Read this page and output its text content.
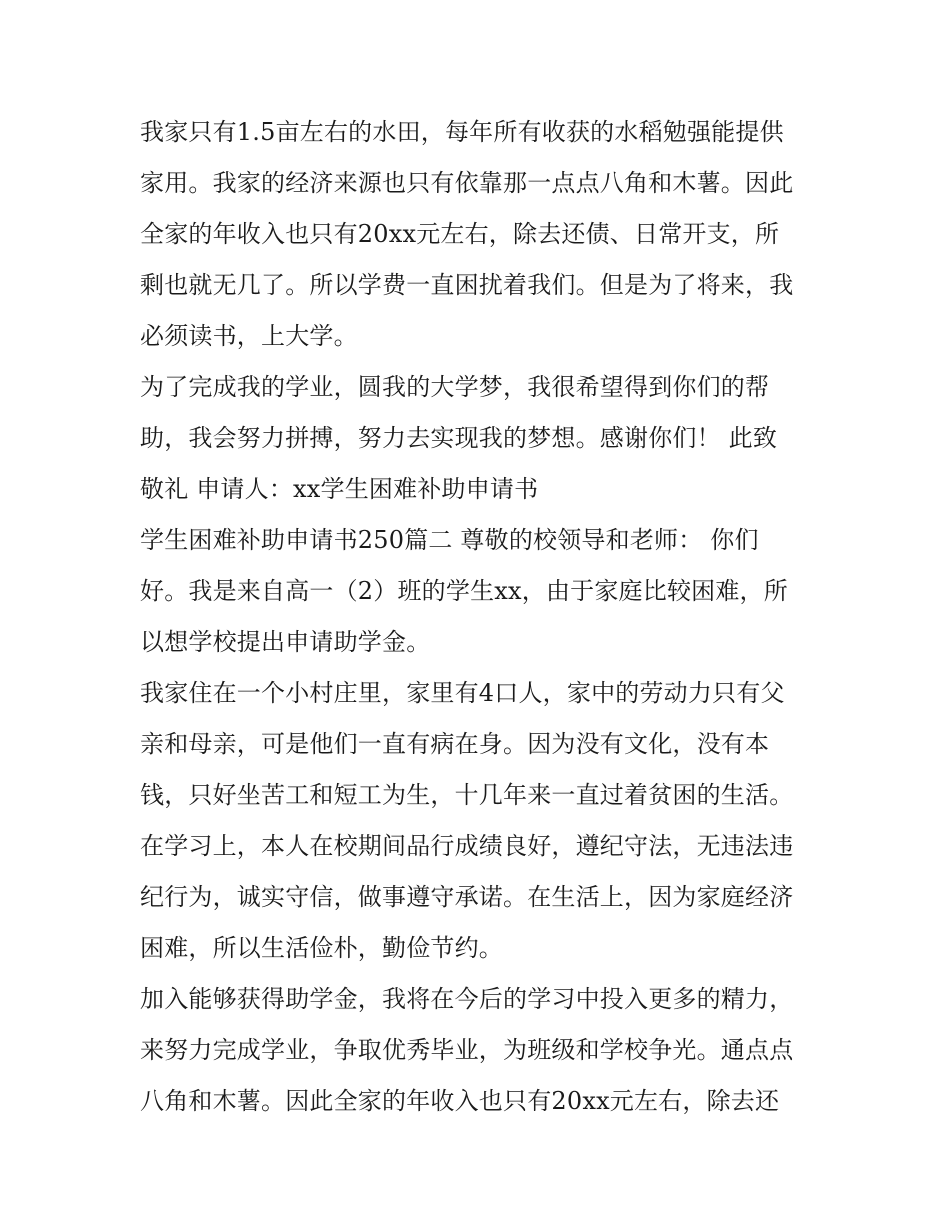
我家只有1.5亩左右的水田，每年所有收获的水稻勉强能提供
家用。我家的经济来源也只有依靠那一点点八角和木薯。因此
全家的年收入也只有20xx元左右，除去还债、日常开支，所
剩也就无几了。所以学费一直困扰着我们。但是为了将来，我
必须读书，上大学。
为了完成我的学业，圆我的大学梦，我很希望得到你们的帮
助，我会努力拼搏，努力去实现我的梦想。感谢你们！ 此致
敬礼 申请人：xx学生困难补助申请书
学生困难补助申请书250篇二 尊敬的校领导和老师： 你们
好。我是来自高一（2）班的学生xx，由于家庭比较困难，所
以想学校提出申请助学金。
我家住在一个小村庄里，家里有4口人，家中的劳动力只有父
亲和母亲，可是他们一直有病在身。因为没有文化，没有本
钱，只好坐苦工和短工为生，十几年来一直过着贫困的生活。
在学习上，本人在校期间品行成绩良好，遵纪守法，无违法违
纪行为，诚实守信，做事遵守承诺。在生活上，因为家庭经济
困难，所以生活俭朴，勤俭节约。
加入能够获得助学金，我将在今后的学习中投入更多的精力，
来努力完成学业，争取优秀毕业，为班级和学校争光。通点点
八角和木薯。因此全家的年收入也只有20xx元左右，除去还
